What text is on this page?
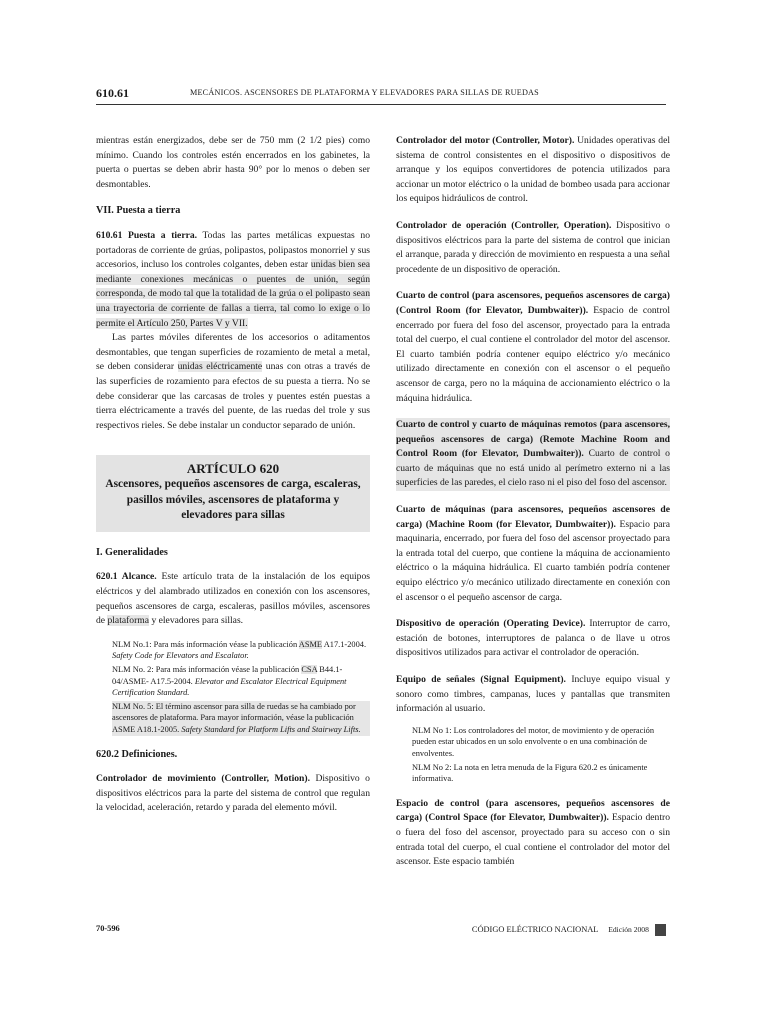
610.61	MECÁNICOS. ASCENSORES DE PLATAFORMA Y ELEVADORES PARA SILLAS DE RUEDAS

mientras están energizados, debe ser de 750 mm (2 1/2 pies) como mínimo. Cuando los controles estén encerrados en los gabinetes, la puerta o puertas se deben abrir hasta 90° por lo menos o deben ser desmontables.

VII. Puesta a tierra

610.61 Puesta a tierra. Todas las partes metálicas expuestas no portadoras de corriente de grúas, polipastos, polipastos monorriel y sus accesorios, incluso los controles colgantes, deben estar unidas bien sea mediante conexiones mecánicas o puentes de unión, según corresponda, de modo tal que la totalidad de la grúa o el polipasto sean una trayectoria de corriente de fallas a tierra, tal como lo exige o lo permite el Artículo 250, Partes V y VII.

Las partes móviles diferentes de los accesorios o aditamentos desmontables, que tengan superficies de rozamiento de metal a metal, se deben considerar unidas eléctricamente unas con otras a través de las superficies de rozamiento para efectos de su puesta a tierra. No se debe considerar que las carcasas de troles y puentes estén puestas a tierra eléctricamente a través del puente, de las ruedas del trole y sus respectivos rieles. Se debe instalar un conductor separado de unión.

ARTÍCULO 620
Ascensores, pequeños ascensores de carga, escaleras, pasillos móviles, ascensores de plataforma y elevadores para sillas
I. Generalidades

620.1 Alcance. Este artículo trata de la instalación de los equipos eléctricos y del alambrado utilizados en conexión con los ascensores, pequeños ascensores de carga, escaleras, pasillos móviles, ascensores de plataforma y elevadores para sillas.

NLM No.1: Para más información véase la publicación ASME A17.1-2004. Safety Code for Elevators and Escalator.

NLM No. 2: Para más información véase la publicación CSA B44.1-04/ASME- A17.5-2004. Elevator and Escalator Electrical Equipment Certification Standard.

NLM No. 5: El término ascensor para silla de ruedas se ha cambiado por ascensores de plataforma. Para mayor información, véase la publicación ASME A18.1-2005. Safety Standard for Platform Lifts and Stairway Lifts.

620.2 Definiciones.

Controlador de movimiento (Controller, Motion). Dispositivo o dispositivos eléctricos para la parte del sistema de control que regulan la velocidad, aceleración, retardo y parada del elemento móvil.

Controlador del motor (Controller, Motor). Unidades operativas del sistema de control consistentes en el dispositivo o dispositivos de arranque y los equipos convertidores de potencia utilizados para accionar un motor eléctrico o la unidad de bombeo usada para accionar los equipos hidráulicos de control.

Controlador de operación (Controller, Operation). Dispositivo o dispositivos eléctricos para la parte del sistema de control que inician el arranque, parada y dirección de movimiento en respuesta a una señal procedente de un dispositivo de operación.

Cuarto de control (para ascensores, pequeños ascensores de carga) (Control Room (for Elevator, Dumbwaiter)). Espacio de control encerrado por fuera del foso del ascensor, proyectado para la entrada total del cuerpo, el cual contiene el controlador del motor del ascensor. El cuarto también podría contener equipo eléctrico y/o mecánico utilizado directamente en conexión con el ascensor o el pequeño ascensor de carga, pero no la máquina de accionamiento eléctrico o la máquina hidráulica.

Cuarto de control y cuarto de máquinas remotos (para ascensores, pequeños ascensores de carga) (Remote Machine Room and Control Room (for Elevator, Dumbwaiter)). Cuarto de control o cuarto de máquinas que no está unido al perímetro externo ni a las superficies de las paredes, el cielo raso ni el piso del foso del ascensor.

Cuarto de máquinas (para ascensores, pequeños ascensores de carga) (Machine Room (for Elevator, Dumbwaiter)). Espacio para maquinaria, encerrado, por fuera del foso del ascensor proyectado para la entrada total del cuerpo, que contiene la máquina de accionamiento eléctrico o la máquina hidráulica. El cuarto también podría contener equipo eléctrico y/o mecánico utilizado directamente en conexión con el ascensor o el pequeño ascensor de carga.

Dispositivo de operación (Operating Device). Interruptor de carro, estación de botones, interruptores de palanca o de llave u otros dispositivos utilizados para activar el controlador de operación.

Equipo de señales (Signal Equipment). Incluye equipo visual y sonoro como timbres, campanas, luces y pantallas que transmiten información al usuario.

NLM No 1: Los controladores del motor, de movimiento y de operación pueden estar ubicados en un solo envolvente o en una combinación de envolventes.

NLM No 2: La nota en letra menuda de la Figura 620.2 es únicamente informativa.

Espacio de control (para ascensores, pequeños ascensores de carga) (Control Space (for Elevator, Dumbwaiter)). Espacio dentro o fuera del foso del ascensor, proyectado para su acceso con o sin entrada total del cuerpo, el cual contiene el controlador del motor del ascensor. Este espacio también

70-596	CÓDIGO ELÉCTRICO NACIONAL Edición 2008
